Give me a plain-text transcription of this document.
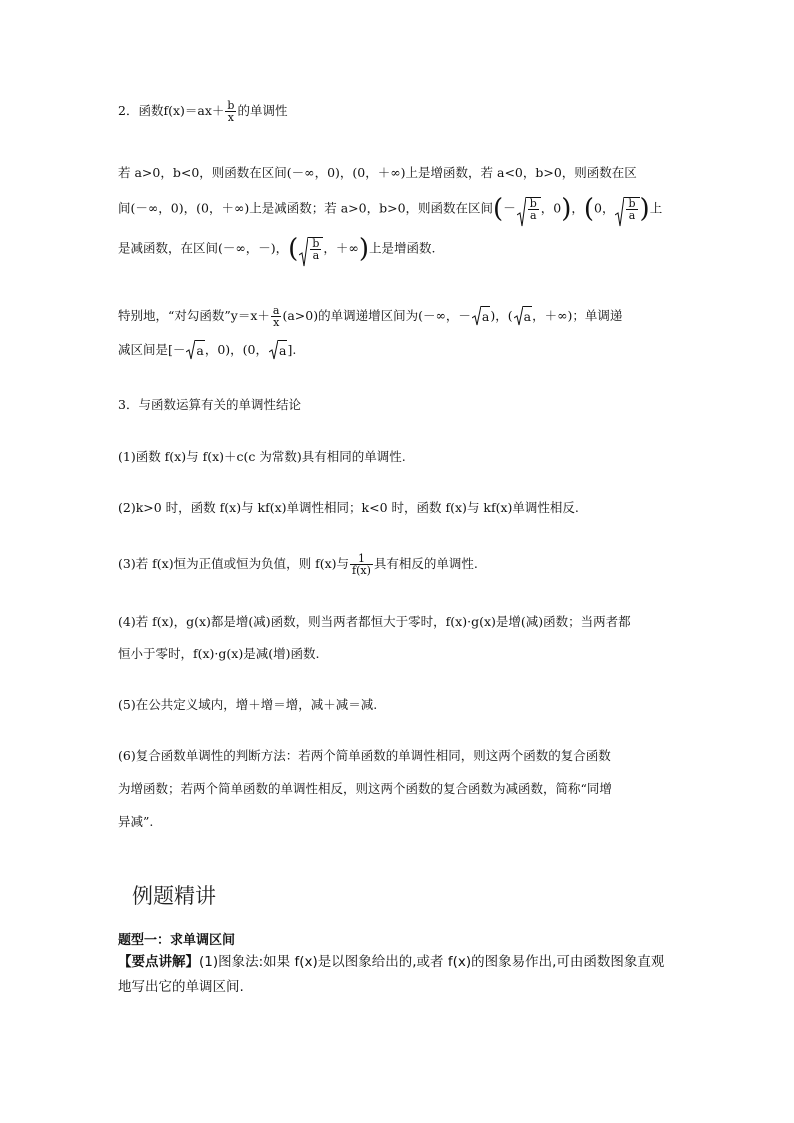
2．函数$f(x)=ax+ \frac{b}{x}$ 的单调性
若 a>0，b<0，则函数在区间(－∞，0)，(0，＋∞)上是增函数，若 a<0，b>0，则函数在区
间(－∞，0)，(0，＋∞)上是减函数；若 a>0，b>0，则函数在区间(－ $\frac{b}{a}$ ，0)，(0， $\frac{b}{a}$ )上
是减函数，在区间(－∞，－)，( $\frac{b}{a}$ ，＋∞)上是增函数.
特别地，“对勾函数”y＝x＋ $\frac{a}{x} (a>0)$的单调递增区间为(－∞，－ a)，( a，＋∞)；单调递
减区间是[－ a，0)，(0， a].
3．与函数运算有关的单调性结论
(1)函数 f(x)与 f(x)＋c(c 为常数)具有相同的单调性.
(2)k>0 时，函数 f(x)与 kf(x)单调性相同；k<0 时，函数 f(x)与 kf(x)单调性相反.
(3)若 f(x)恒为正值或恒为负值，则 f(x)与 $\frac{1}{f(x)}$ 具有相反的单调性.
(4)若 f(x)，g(x)都是增(减)函数，则当两者都恒大于零时，f(x)·g(x)是增(减)函数；当两者都
恒小于零时，f(x)·g(x)是减(增)函数.
(5)在公共定义域内，增＋增＝增，减＋减＝减.
(6)复合函数单调性的判断方法：若两个简单函数的单调性相同，则这两个函数的复合函数
为增函数；若两个简单函数的单调性相反，则这两个函数的复合函数为减函数，简称“同增
异减”.
例题精讲
题型一：求单调区间
【要点讲解】(1)图象法:如果 f(x)是以图象给出的,或者 f(x)的图象易作出,可由函数图象直观
地写出它的单调区间.
